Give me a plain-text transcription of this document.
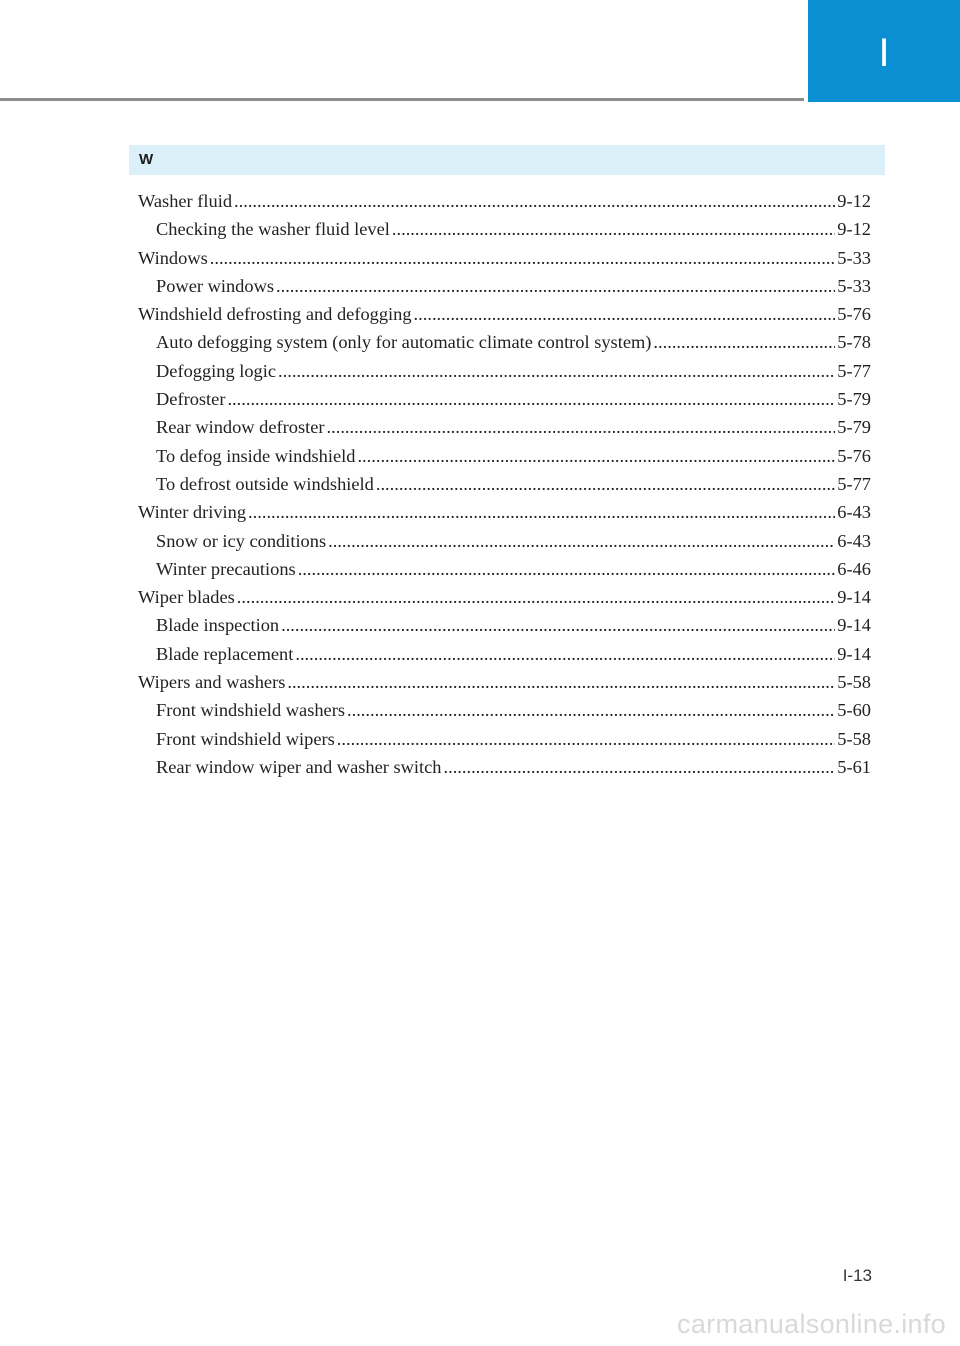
I
W
Washer fluid .....	9-12
Checking the washer fluid level .....	9-12
Windows .....	5-33
Power windows .....	5-33
Windshield defrosting and defogging .....	5-76
Auto defogging system (only for automatic climate control system) .....	5-78
Defogging logic .....	5-77
Defroster .....	5-79
Rear window defroster .....	5-79
To defog inside windshield .....	5-76
To defrost outside windshield .....	5-77
Winter driving .....	6-43
Snow or icy conditions .....	6-43
Winter precautions .....	6-46
Wiper blades .....	9-14
Blade inspection .....	9-14
Blade replacement .....	9-14
Wipers and washers .....	5-58
Front windshield washers .....	5-60
Front windshield wipers .....	5-58
Rear window wiper and washer switch .....	5-61
I-13
carmanualsonline.info
